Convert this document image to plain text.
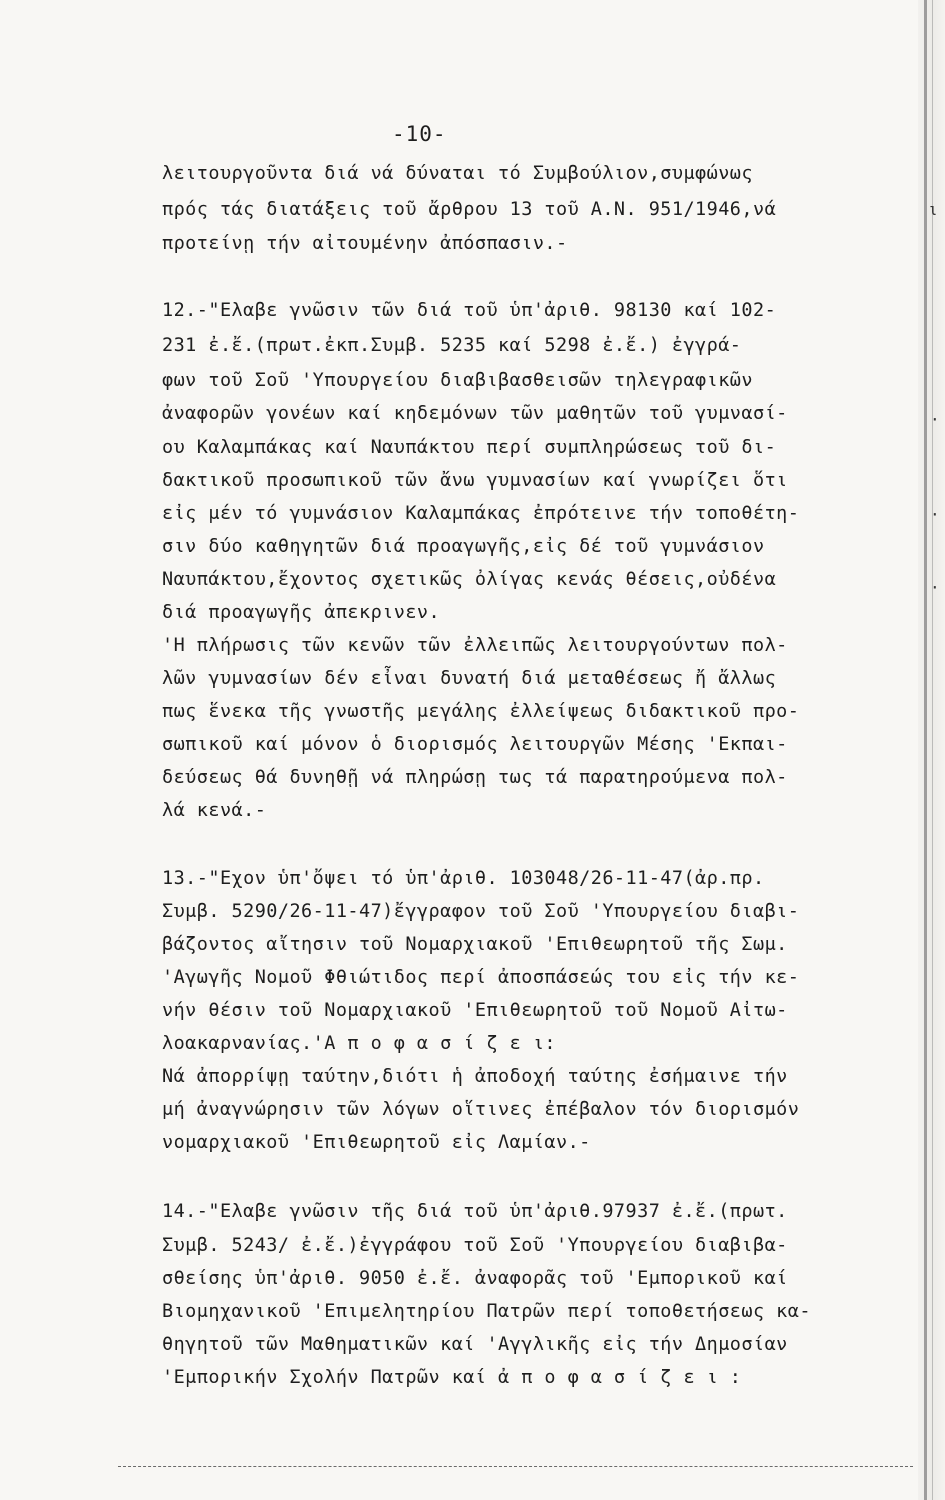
-10-
λειτουργοῦντα διά νά δύναται τό Συμβούλιον,συμφώνως
πρός τάς διατάξεις τοῦ ἄρθρου 13 τοῦ Α.Ν. 951/1946,νά
προτείνῃ τήν αἰτουμένην ἀπόσπασιν.-
12.-"Ελαβε γνῶσιν τῶν διά τοῦ ὑπ'ἀριθ. 98130 καί 102-
231 ἐ.ἔ.(πρωτ.ἐκπ.Συμβ. 5235 καί 5298 ἐ.ἔ.) ἐγγρά-
φων τοῦ Σοῦ 'Υπουργείου διαβιβασθεισῶν τηλεγραφικῶν
ἀναφορῶν γονέων καί κηδεμόνων τῶν μαθητῶν τοῦ γυμνασί-
ου Καλαμπάκας καί Ναυπάκτου περί συμπληρώσεως τοῦ δι-
δακτικοῦ προσωπικοῦ τῶν ἄνω γυμνασίων καί γνωρίζει ὅτι
εἰς μέν τό γυμνάσιον Καλαμπάκας ἐπρότεινε τήν τοποθέτη-
σιν δύο καθηγητῶν διά προαγωγῆς,εἰς δέ τοῦ γυμνάσιον
Ναυπάκτου,ἔχοντος σχετικῶς ὀλίγας κενάς θέσεις,οὐδένα
διά προαγωγῆς ἀπεκρινεν.
'Η πλήρωσις τῶν κενῶν τῶν ἐλλειπῶς λειτουργούντων πολ-
λῶν γυμνασίων δέν εἶναι δυνατή διά μεταθέσεως ἤ ἄλλως
πως ἕνεκα τῆς γνωστῆς μεγάλης ἐλλείψεως διδακτικοῦ προ-
σωπικοῦ καί μόνον ὁ διορισμός λειτουργῶν Μέσης 'Εκπαι-
δεύσεως θά δυνηθῇ νά πληρώσῃ τως τά παρατηρούμενα πολ-
λά κενά.-
13.-"Εχον ὑπ'ὄψει τό ὑπ'ἀριθ. 103048/26-11-47(ἀρ.πρ.
Συμβ. 5290/26-11-47)ἔγγραφον τοῦ Σοῦ 'Υπουργείου διαβι-
βάζοντος αἴτησιν τοῦ Νομαρχιακοῦ 'Επιθεωρητοῦ τῆς Σωμ.
'Αγωγῆς Νομοῦ Φθιώτιδος περί ἀποσπάσεώς του εἰς τήν κε-
νήν θέσιν τοῦ Νομαρχιακοῦ 'Επιθεωρητοῦ τοῦ Νομοῦ Αἰτω-
λοακαρνανίας.'Α π ο φ α σ ί ζ ε ι:
Νά ἀπορρίψῃ ταύτην,διότι ἡ ἀποδοχή ταύτης ἐσήμαινε τήν
μή ἀναγνώρησιν τῶν λόγων οἵτινες ἐπέβαλον τόν διορισμόν
νομαρχιακοῦ 'Επιθεωρητοῦ εἰς Λαμίαν.-
14.-"Ελαβε γνῶσιν τῆς διά τοῦ ὑπ'ἀριθ.97937 ἐ.ἔ.(πρωτ.
Συμβ. 5243/ ἐ.ἔ.)ἐγγράφου τοῦ Σοῦ 'Υπουργείου διαβιβα-
σθείσης ὑπ'ἀριθ. 9050 ἐ.ἔ. ἀναφορᾶς τοῦ 'Εμπορικοῦ καί
Βιομηχανικοῦ 'Επιμελητηρίου Πατρῶν περί τοποθετήσεως κα-
θηγητοῦ τῶν Μαθηματικῶν καί 'Αγγλικῆς εἰς τήν Δημοσίαν
'Εμπορικήν Σχολήν Πατρῶν καί ἀ π ο φ α σ ί ζ ε ι :
ι
·
·
·
